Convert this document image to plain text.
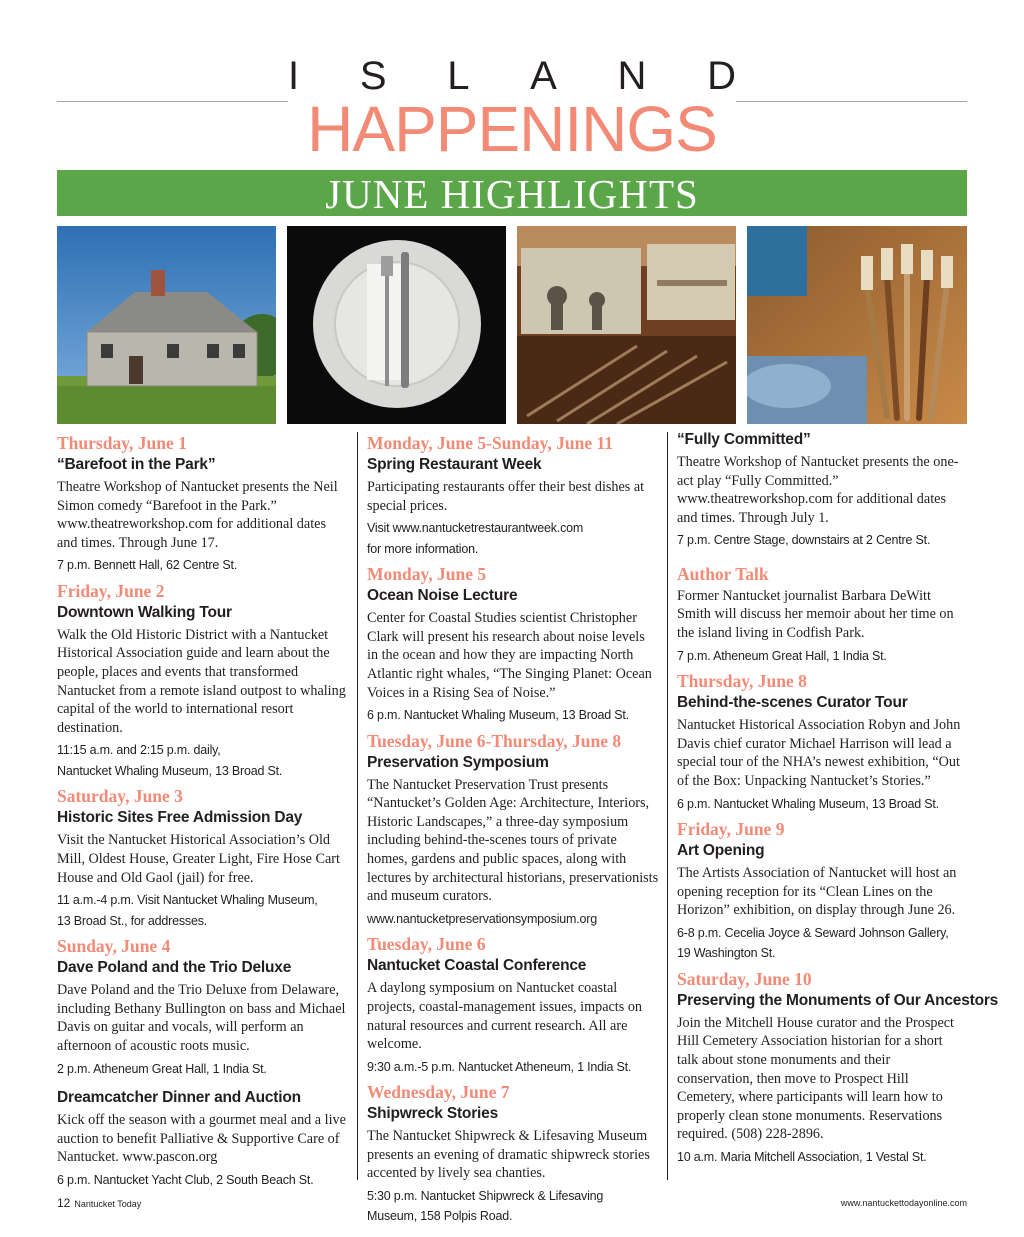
I S L A N D
HAPPENINGS
JUNE HIGHLIGHTS
Thursday, June 1
“Barefoot in the Park”
Theatre Workshop of Nantucket presents the Neil Simon comedy “Barefoot in the Park.” www.theatreworkshop.com for additional dates and times. Through June 17.
7 p.m. Bennett Hall, 62 Centre St.
Friday, June 2
Downtown Walking Tour
Walk the Old Historic District with a Nantucket Historical Association guide and learn about the people, places and events that transformed Nantucket from a remote island outpost to whaling capital of the world to international resort destination.
11:15 a.m. and 2:15 p.m. daily,
Nantucket Whaling Museum, 13 Broad St.
Saturday, June 3
Historic Sites Free Admission Day
Visit the Nantucket Historical Association’s Old Mill, Oldest House, Greater Light, Fire Hose Cart House and Old Gaol (jail) for free.
11 a.m.-4 p.m. Visit Nantucket Whaling Museum,
13 Broad St., for addresses.
Sunday, June 4
Dave Poland and the Trio Deluxe
Dave Poland and the Trio Deluxe from Delaware, including Bethany Bullington on bass and Michael Davis on guitar and vocals, will perform an afternoon of acoustic roots music.
2 p.m. Atheneum Great Hall, 1 India St.
Dreamcatcher Dinner and Auction
Kick off the season with a gourmet meal and a live auction to benefit Palliative & Supportive Care of Nantucket. www.pascon.org
6 p.m. Nantucket Yacht Club, 2 South Beach St.
Monday, June 5-Sunday, June 11
Spring Restaurant Week
Participating restaurants offer their best dishes at special prices.
Visit www.nantucketrestaurantweek.com
for more information.
Monday, June 5
Ocean Noise Lecture
Center for Coastal Studies scientist Christopher Clark will present his research about noise levels in the ocean and how they are impacting North Atlantic right whales, “The Singing Planet: Ocean Voices in a Rising Sea of Noise.”
6 p.m. Nantucket Whaling Museum, 13 Broad St.
Tuesday, June 6-Thursday, June 8
Preservation Symposium
The Nantucket Preservation Trust presents “Nantucket’s Golden Age: Architecture, Interiors, Historic Landscapes,” a three-day symposium including behind-the-scenes tours of private homes, gardens and public spaces, along with lectures by architectural historians, preservationists and museum curators.
www.nantucketpreservationsymposium.org
Tuesday, June 6
Nantucket Coastal Conference
A daylong symposium on Nantucket coastal projects, coastal-management issues, impacts on natural resources and current research. All are welcome.
9:30 a.m.-5 p.m. Nantucket Atheneum, 1 India St.
Wednesday, June 7
Shipwreck Stories
The Nantucket Shipwreck & Lifesaving Museum presents an evening of dramatic shipwreck stories accented by lively sea chanties.
5:30 p.m. Nantucket Shipwreck & Lifesaving
Museum, 158 Polpis Road.
“Fully Committed”
Theatre Workshop of Nantucket presents the one-act play “Fully Committed.” www.theatreworkshop.com for additional dates and times. Through July 1.
7 p.m. Centre Stage, downstairs at 2 Centre St.
Author Talk
Former Nantucket journalist Barbara DeWitt Smith will discuss her memoir about her time on the island living in Codfish Park.
7 p.m. Atheneum Great Hall, 1 India St.
Thursday, June 8
Behind-the-scenes Curator Tour
Nantucket Historical Association Robyn and John Davis chief curator Michael Harrison will lead a special tour of the NHA’s newest exhibition, “Out of the Box: Unpacking Nantucket’s Stories.”
6 p.m. Nantucket Whaling Museum, 13 Broad St.
Friday, June 9
Art Opening
The Artists Association of Nantucket will host an opening reception for its “Clean Lines on the Horizon” exhibition, on display through June 26.
6-8 p.m. Cecelia Joyce & Seward Johnson Gallery,
19 Washington St.
Saturday, June 10
Preserving the Monuments of Our Ancestors
Join the Mitchell House curator and the Prospect Hill Cemetery Association historian for a short talk about stone monuments and their conservation, then move to Prospect Hill Cemetery, where participants will learn how to properly clean stone monuments. Reservations required. (508) 228-2896.
10 a.m. Maria Mitchell Association, 1 Vestal St.
12 Nantucket Today	www.nantuckettodayonline.com
